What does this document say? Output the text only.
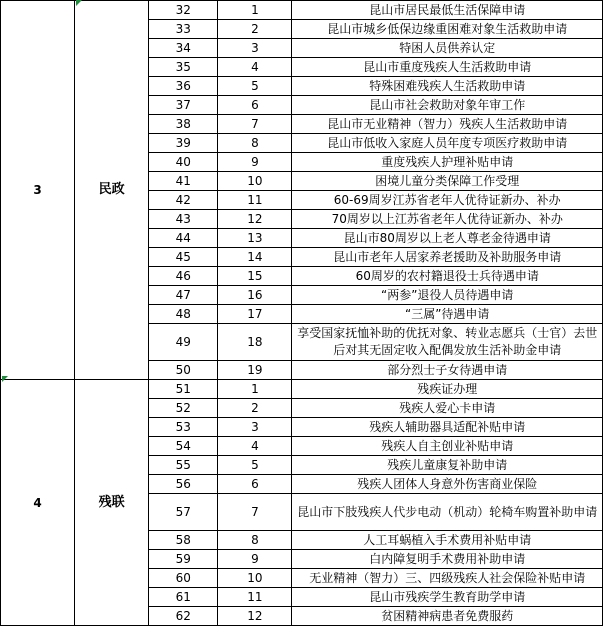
3	民政	32	1	昆山市居民最低生活保障申请
		33	2	昆山市城乡低保边缘重困难对象生活救助申请
		34	3	特困人员供养认定
		35	4	昆山市重度残疾人生活救助申请
		36	5	特殊困难残疾人生活救助申请
		37	6	昆山市社会救助对象年审工作
		38	7	昆山市无业精神（智力）残疾人生活救助申请
		39	8	昆山市低收入家庭人员年度专项医疗救助申请
		40	9	重度残疾人护理补贴申请
		41	10	困境儿童分类保障工作受理
		42	11	60-69周岁江苏省老年人优待证新办、补办
		43	12	70周岁以上江苏省老年人优待证新办、补办
		44	13	昆山市80周岁以上老人尊老金待遇申请
		45	14	昆山市老年人居家养老援助及补助服务申请
		46	15	60周岁的农村籍退役士兵待遇申请
		47	16	“两参”退役人员待遇申请
		48	17	“三属”待遇申请
		49	18	享受国家抚恤补助的优抚对象、转业志愿兵（士官）去世后对其无固定收入配偶发放生活补助金申请
		50	19	部分烈士子女待遇申请
4	残联	51	1	残疾证办理
		52	2	残疾人爱心卡申请
		53	3	残疾人辅助器具适配补贴申请
		54	4	残疾人自主创业补贴申请
		55	5	残疾儿童康复补助申请
		56	6	残疾人团体人身意外伤害商业保险
		57	7	昆山市下肢残疾人代步电动（机动）轮椅车购置补助申请
		58	8	人工耳蜗植入手术费用补贴申请
		59	9	白内障复明手术费用补助申请
		60	10	无业精神（智力）三、四级残疾人社会保险补贴申请
		61	11	昆山市残疾学生教育助学申请
		62	12	贫困精神病患者免费服药
